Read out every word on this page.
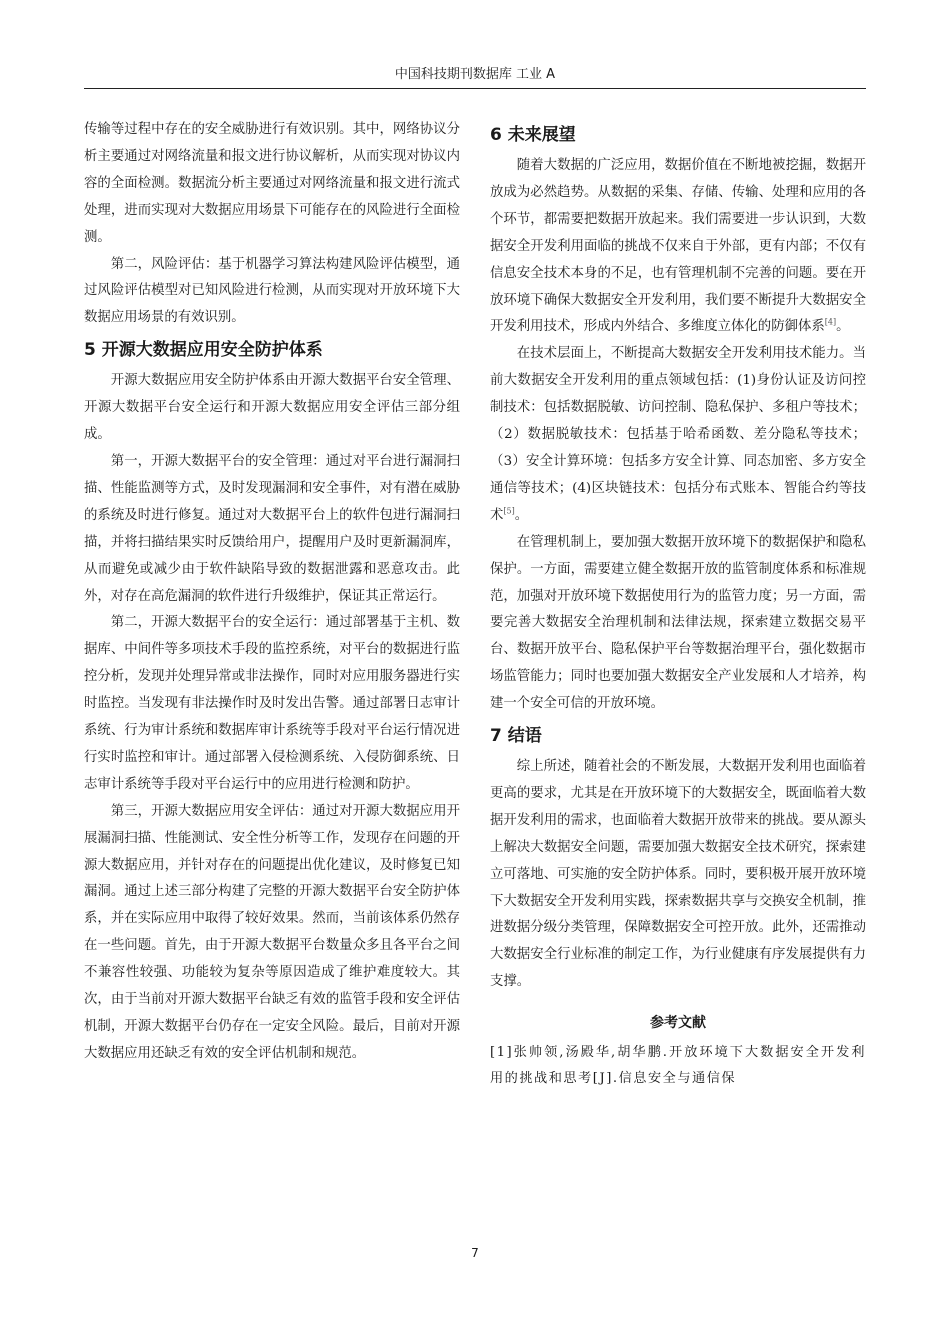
中国科技期刊数据库 工业 A

传输等过程中存在的安全威胁进行有效识别。其中，网络协议分析主要通过对网络流量和报文进行协议解析，从而实现对协议内容的全面检测。数据流分析主要通过对网络流量和报文进行流式处理，进而实现对大数据应用场景下可能存在的风险进行全面检测。

第二，风险评估：基于机器学习算法构建风险评估模型，通过风险评估模型对已知风险进行检测，从而实现对开放环境下大数据应用场景的有效识别。

5 开源大数据应用安全防护体系

开源大数据应用安全防护体系由开源大数据平台安全管理、开源大数据平台安全运行和开源大数据应用安全评估三部分组成。

第一，开源大数据平台的安全管理：通过对平台进行漏洞扫描、性能监测等方式，及时发现漏洞和安全事件，对有潜在威胁的系统及时进行修复。通过对大数据平台上的软件包进行漏洞扫描，并将扫描结果实时反馈给用户，提醒用户及时更新漏洞库，从而避免或减少由于软件缺陷导致的数据泄露和恶意攻击。此外，对存在高危漏洞的软件进行升级维护，保证其正常运行。

第二，开源大数据平台的安全运行：通过部署基于主机、数据库、中间件等多项技术手段的监控系统，对平台的数据进行监控分析，发现并处理异常或非法操作，同时对应用服务器进行实时监控。当发现有非法操作时及时发出告警。通过部署日志审计系统、行为审计系统和数据库审计系统等手段对平台运行情况进行实时监控和审计。通过部署入侵检测系统、入侵防御系统、日志审计系统等手段对平台运行中的应用进行检测和防护。

第三，开源大数据应用安全评估：通过对开源大数据应用开展漏洞扫描、性能测试、安全性分析等工作，发现存在问题的开源大数据应用，并针对存在的问题提出优化建议，及时修复已知漏洞。通过上述三部分构建了完整的开源大数据平台安全防护体系，并在实际应用中取得了较好效果。然而，当前该体系仍然存在一些问题。首先，由于开源大数据平台数量众多且各平台之间不兼容性较强、功能较为复杂等原因造成了维护难度较大。其次，由于当前对开源大数据平台缺乏有效的监管手段和安全评估机制，开源大数据平台仍存在一定安全风险。最后，目前对开源大数据应用还缺乏有效的安全评估机制和规范。

6 未来展望

随着大数据的广泛应用，数据价值在不断地被挖掘，数据开放成为必然趋势。从数据的采集、存储、传输、处理和应用的各个环节，都需要把数据开放起来。我们需要进一步认识到，大数据安全开发利用面临的挑战不仅来自于外部，更有内部；不仅有信息安全技术本身的不足，也有管理机制不完善的问题。要在开放环境下确保大数据安全开发利用，我们要不断提升大数据安全开发利用技术，形成内外结合、多维度立体化的防御体系[4]。

在技术层面上，不断提高大数据安全开发利用技术能力。当前大数据安全开发利用的重点领域包括：(1)身份认证及访问控制技术：包括数据脱敏、访问控制、隐私保护、多租户等技术；（2）数据脱敏技术：包括基于哈希函数、差分隐私等技术；（3）安全计算环境：包括多方安全计算、同态加密、多方安全通信等技术；(4)区块链技术：包括分布式账本、智能合约等技术[5]。

在管理机制上，要加强大数据开放环境下的数据保护和隐私保护。一方面，需要建立健全数据开放的监管制度体系和标准规范，加强对开放环境下数据使用行为的监管力度；另一方面，需要完善大数据安全治理机制和法律法规，探索建立数据交易平台、数据开放平台、隐私保护平台等数据治理平台，强化数据市场监管能力；同时也要加强大数据安全产业发展和人才培养，构建一个安全可信的开放环境。

7 结语

综上所述，随着社会的不断发展，大数据开发利用也面临着更高的要求，尤其是在开放环境下的大数据安全，既面临着大数据开发利用的需求，也面临着大数据开放带来的挑战。要从源头上解决大数据安全问题，需要加强大数据安全技术研究，探索建立可落地、可实施的安全防护体系。同时，要积极开展开放环境下大数据安全开发利用实践，探索数据共享与交换安全机制，推进数据分级分类管理，保障数据安全可控开放。此外，还需推动大数据安全行业标准的制定工作，为行业健康有序发展提供有力支撑。

参考文献

[1]张帅领,汤殿华,胡华鹏.开放环境下大数据安全开发利用的挑战和思考[J].信息安全与通信保

7
